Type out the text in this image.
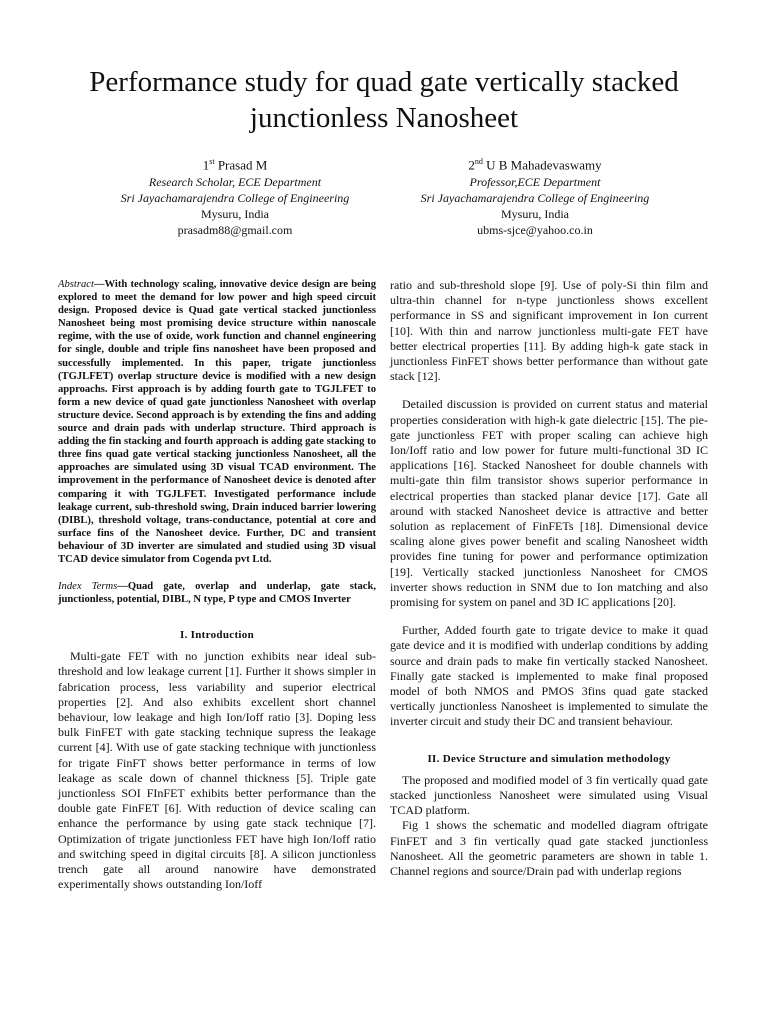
Performance study for quad gate vertically stacked junctionless Nanosheet
1st Prasad M
Research Scholar, ECE Department
Sri Jayachamarajendra College of Engineering
Mysuru, India
prasadm88@gmail.com
2nd U B Mahadevaswamy
Professor,ECE Department
Sri Jayachamarajendra College of Engineering
Mysuru, India
ubms-sjce@yahoo.co.in

Abstract—With technology scaling, innovative device design are being explored to meet the demand for low power and high speed circuit design. Proposed device is Quad gate vertical stacked junctionless Nanosheet being most promising device structure within nanoscale regime, with the use of oxide, work function and channel engineering for single, double and triple fins nanosheet have been proposed and successfully implemented. In this paper, trigate junctionless (TGJLFET) overlap structure device is modified with a new design approachs. First approach is by adding fourth gate to TGJLFET to form a new device of quad gate junctionless Nanosheet with overlap structure device. Second approach is by extending the fins and adding source and drain pads with underlap structure. Third approach is adding the fin stacking and fourth approach is adding gate stacking to three fins quad gate vertical stacking junctionless Nanosheet, all the approaches are simulated using 3D visual TCAD environment. The improvement in the performance of Nanosheet device is denoted after comparing it with TGJLFET. Investigated performance include leakage current, sub-threshold swing, Drain induced barrier lowering (DIBL), threshold voltage, trans-conductance, potential at core and surface fins of the Nanosheet device. Further, DC and transient behaviour of 3D inverter are simulated and studied using 3D visual TCAD device simulator from Cogenda pvt Ltd.

Index Terms—Quad gate, overlap and underlap, gate stack, junctionless, potential, DIBL, N type, P type and CMOS Inverter

I. Introduction

Multi-gate FET with no junction exhibits near ideal sub-threshold and low leakage current [1]. Further it shows simpler in fabrication process, less variability and superior electrical properties [2]. And also exhibits excellent short channel behaviour, low leakage and high Ion/Ioff ratio [3]. Doping less bulk FinFET with gate stacking technique supress the leakage current [4]. With use of gate stacking technique with junctionless for trigate FinFT shows better performance in terms of low leakage as scale down of channel thickness [5]. Triple gate junctionless SOI FInFET exhibits better performance than the double gate FinFET [6]. With reduction of device scaling can enhance the performance by using gate stack technique [7]. Optimization of trigate junctionless FET have high Ion/Ioff ratio and switching speed in digital circuits [8]. A silicon junctionless trench gate all around nanowire have demonstrated experimentally shows outstanding Ion/Ioff

ratio and sub-threshold slope [9]. Use of poly-Si thin film and ultra-thin channel for n-type junctionless shows excellent performance in SS and significant improvement in Ion current [10]. With thin and narrow junctionless multi-gate FET have better electrical properties [11]. By adding high-k gate stack in junctionless FinFET shows better performance than without gate stack [12].

Detailed discussion is provided on current status and material properties consideration with high-k gate dielectric [15]. The pie-gate junctionless FET with proper scaling can achieve high Ion/Ioff ratio and low power for future multi-functional 3D IC applications [16]. Stacked Nanosheet for double channels with multi-gate thin film transistor shows superior performance in electrical properties than stacked planar device [17]. Gate all around with stacked Nanosheet device is attractive and better solution as replacement of FinFETs [18]. Dimensional device scaling alone gives power benefit and scaling Nanosheet width provides fine tuning for power and performance optimization [19]. Vertically stacked junctionless Nanosheet for CMOS inverter shows reduction in SNM due to Ion matching and also promising for system on panel and 3D IC applications [20].

Further, Added fourth gate to trigate device to make it quad gate device and it is modified with underlap conditions by adding source and drain pads to make fin vertically stacked Nanosheet. Finally gate stacked is implemented to make final proposed model of both NMOS and PMOS 3fins quad gate stacked vertically junctionless Nanosheet is implemented to simulate the inverter circuit and study their DC and transient behaviour.

II. Device Structure and simulation methodology

The proposed and modified model of 3 fin vertically quad gate stacked junctionless Nanosheet were simulated using Visual TCAD platform.

Fig 1 shows the schematic and modelled diagram oftrigate FinFET and 3 fin vertically quad gate stacked junctionless Nanosheet. All the geometric parameters are shown in table 1. Channel regions and source/Drain pad with underlap regions
